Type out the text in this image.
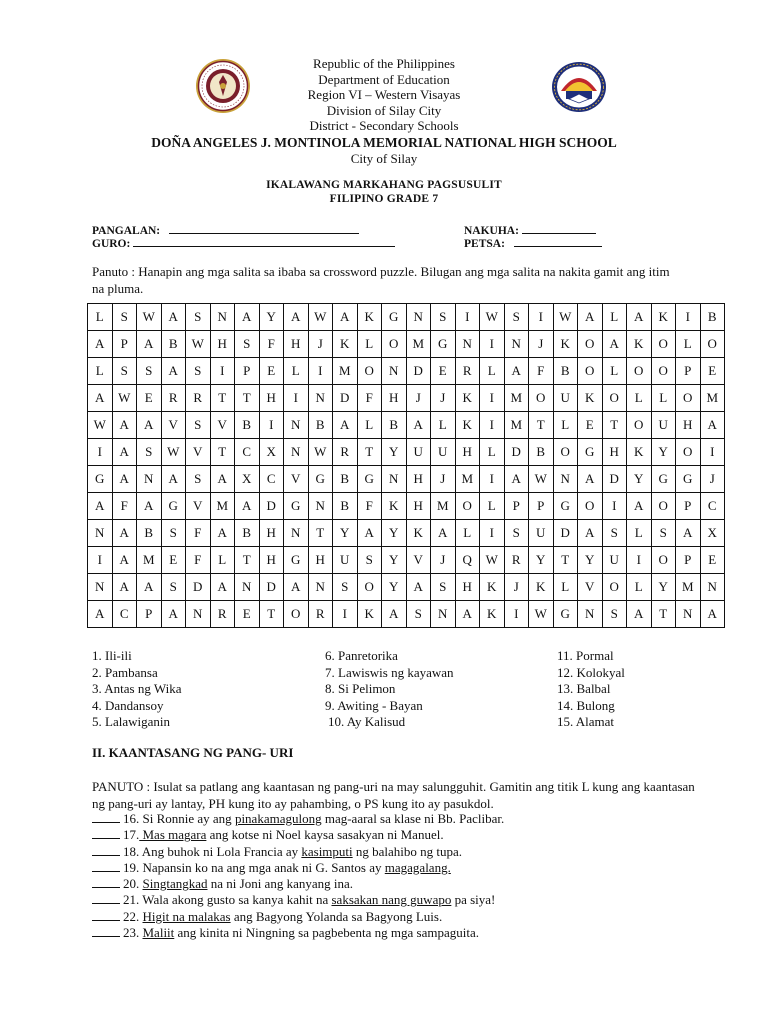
Republic of the Philippines
Department of Education
Region VI – Western Visayas
Division of Silay City
District - Secondary Schools
DOÑA ANGELES J. MONTINOLA MEMORIAL NATIONAL HIGH SCHOOL
City of Silay
IKALAWANG MARKAHANG PAGSUSULIT
FILIPINO GRADE 7
PANGALAN:
GURO:
NAKUHA:
PETSA:
Panuto : Hanapin ang mga salita sa ibaba sa crossword puzzle. Bilugan ang mga salita na nakita gamit ang itim na pluma.
L	S	W	A	S	N	A	Y	A	W	A	K	G	N	S	I	W	S	I	W	A	L	A	K	I	B
A	P	A	B	W	H	S	F	H	J	K	L	O	M	G	N	I	N	J	K	O	A	K	O	L	O
L	S	S	A	S	I	P	E	L	I	M	O	N	D	E	R	L	A	F	B	O	L	O	O	P	E
A	W	E	R	R	T	T	H	I	N	D	F	H	J	J	K	I	M	O	U	K	O	L	L	O	M
W	A	A	V	S	V	B	I	N	B	A	L	B	A	L	K	I	M	T	L	E	T	O	U	H	A
I	A	S	W	V	T	C	X	N	W	R	T	Y	U	U	H	L	D	B	O	G	H	K	Y	O	I
G	A	N	A	S	A	X	C	V	G	B	G	N	H	J	M	I	A	W	N	A	D	Y	G	G	J
A	F	A	G	V	M	A	D	G	N	B	F	K	H	M	O	L	P	P	G	O	I	A	O	P	C
N	A	B	S	F	A	B	H	N	T	Y	A	Y	K	A	L	I	S	U	D	A	S	L	S	A	X
I	A	M	E	F	L	T	H	G	H	U	S	Y	V	J	Q	W	R	Y	T	Y	U	I	O	P	E
N	A	A	S	D	A	N	D	A	N	S	O	Y	A	S	H	K	J	K	L	V	O	L	Y	M	N
A	C	P	A	N	R	E	T	O	R	I	K	A	S	N	A	K	I	W	G	N	S	A	T	N	A
1. Ili-ili
2. Pambansa
3. Antas ng Wika
4. Dandansoy
5. Lalawiganin
6. Panretorika
7. Lawiswis ng kayawan
8. Si Pelimon
9. Awiting - Bayan
10. Ay Kalisud
11. Pormal
12. Kolokyal
13. Balbal
14. Bulong
15. Alamat
II. KAANTASANG NG PANG- URI
PANUTO : Isulat sa patlang ang kaantasan ng pang-uri na may salungguhit. Gamitin ang titik L kung ang kaantasan ng pang-uri ay lantay, PH kung ito ay pahambing, o PS kung ito ay pasukdol.
16. Si Ronnie ay ang pinakamagulong mag-aaral sa klase ni Bb. Paclibar.
17. Mas magara ang kotse ni Noel kaysa sasakyan ni Manuel.
18. Ang buhok ni Lola Francia ay kasimputi ng balahibo ng tupa.
19. Napansin ko na ang mga anak ni G. Santos ay magagalang.
20. Singtangkad na ni Joni ang kanyang ina.
21. Wala akong gusto sa kanya kahit na saksakan nang guwapo pa siya!
22. Higit na malakas ang Bagyong Yolanda sa Bagyong Luis.
23. Maliit ang kinita ni Ningning sa pagbebenta ng mga sampaguita.
